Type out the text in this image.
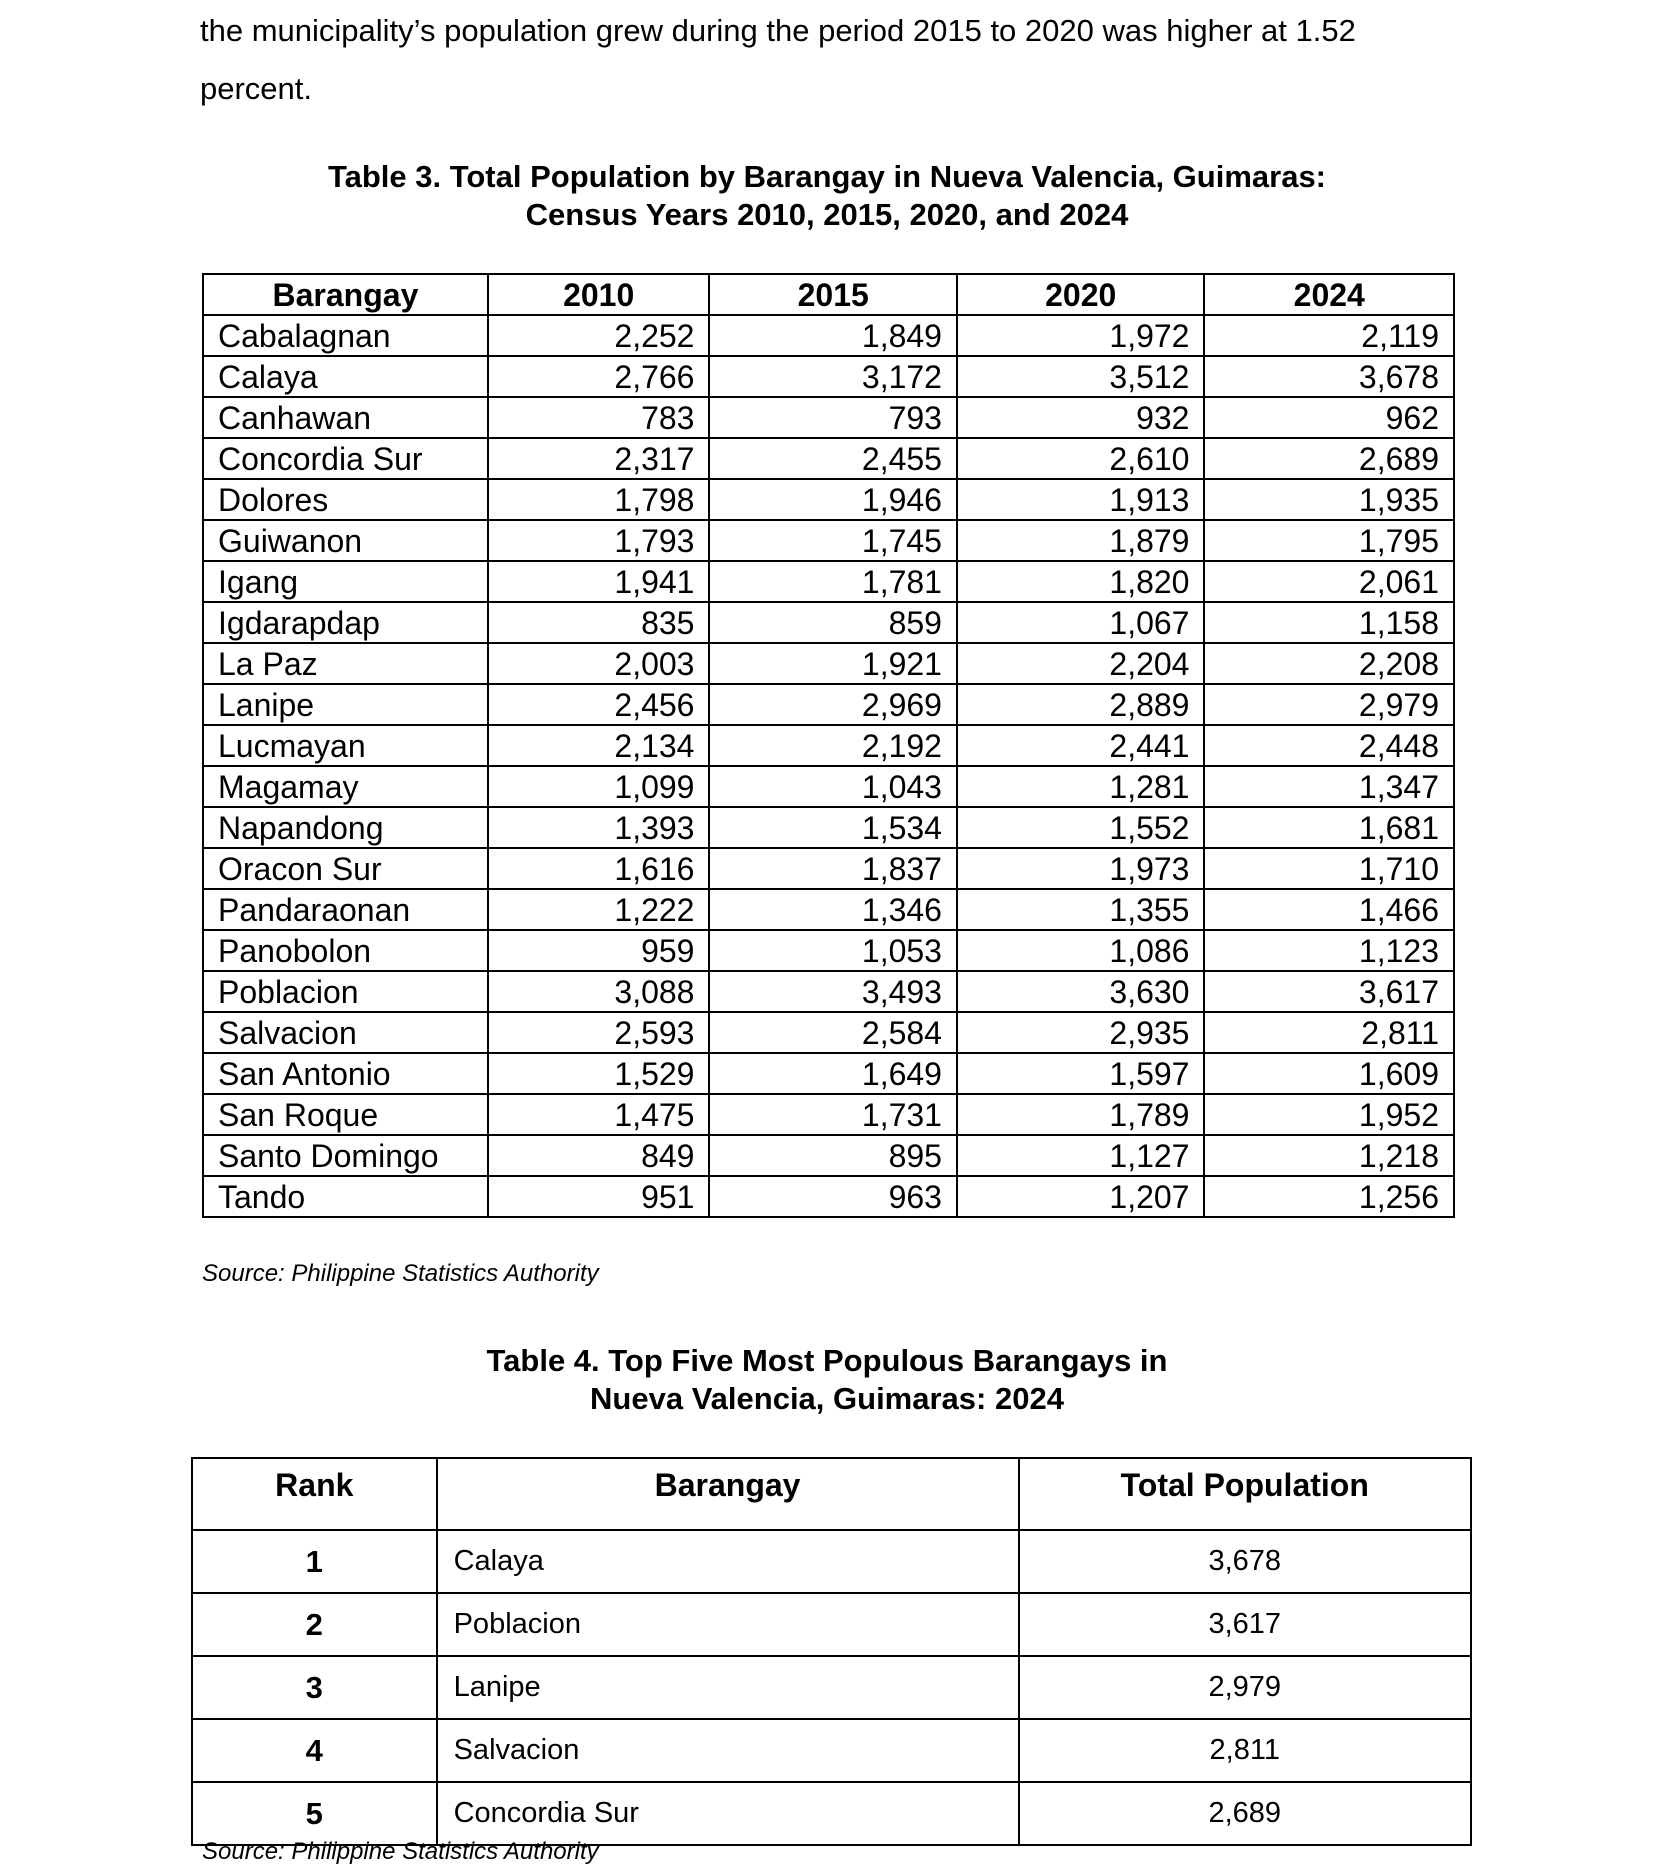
the municipality’s population grew during the period 2015 to 2020 was higher at 1.52
percent.

Table 3. Total Population by Barangay in Nueva Valencia, Guimaras:
Census Years 2010, 2015, 2020, and 2024
Barangay	2010	2015	2020	2024
Cabalagnan	2,252	1,849	1,972	2,119
Calaya	2,766	3,172	3,512	3,678
Canhawan	783	793	932	962
Concordia Sur	2,317	2,455	2,610	2,689
Dolores	1,798	1,946	1,913	1,935
Guiwanon	1,793	1,745	1,879	1,795
Igang	1,941	1,781	1,820	2,061
Igdarapdap	835	859	1,067	1,158
La Paz	2,003	1,921	2,204	2,208
Lanipe	2,456	2,969	2,889	2,979
Lucmayan	2,134	2,192	2,441	2,448
Magamay	1,099	1,043	1,281	1,347
Napandong	1,393	1,534	1,552	1,681
Oracon Sur	1,616	1,837	1,973	1,710
Pandaraonan	1,222	1,346	1,355	1,466
Panobolon	959	1,053	1,086	1,123
Poblacion	3,088	3,493	3,630	3,617
Salvacion	2,593	2,584	2,935	2,811
San Antonio	1,529	1,649	1,597	1,609
San Roque	1,475	1,731	1,789	1,952
Santo Domingo	849	895	1,127	1,218
Tando	951	963	1,207	1,256

Source: Philippine Statistics Authority

Table 4. Top Five Most Populous Barangays in
Nueva Valencia, Guimaras: 2024
Rank	Barangay	Total Population
1	Calaya	3,678
2	Poblacion	3,617
3	Lanipe	2,979
4	Salvacion	2,811
5	Concordia Sur	2,689

Source: Philippine Statistics Authority
